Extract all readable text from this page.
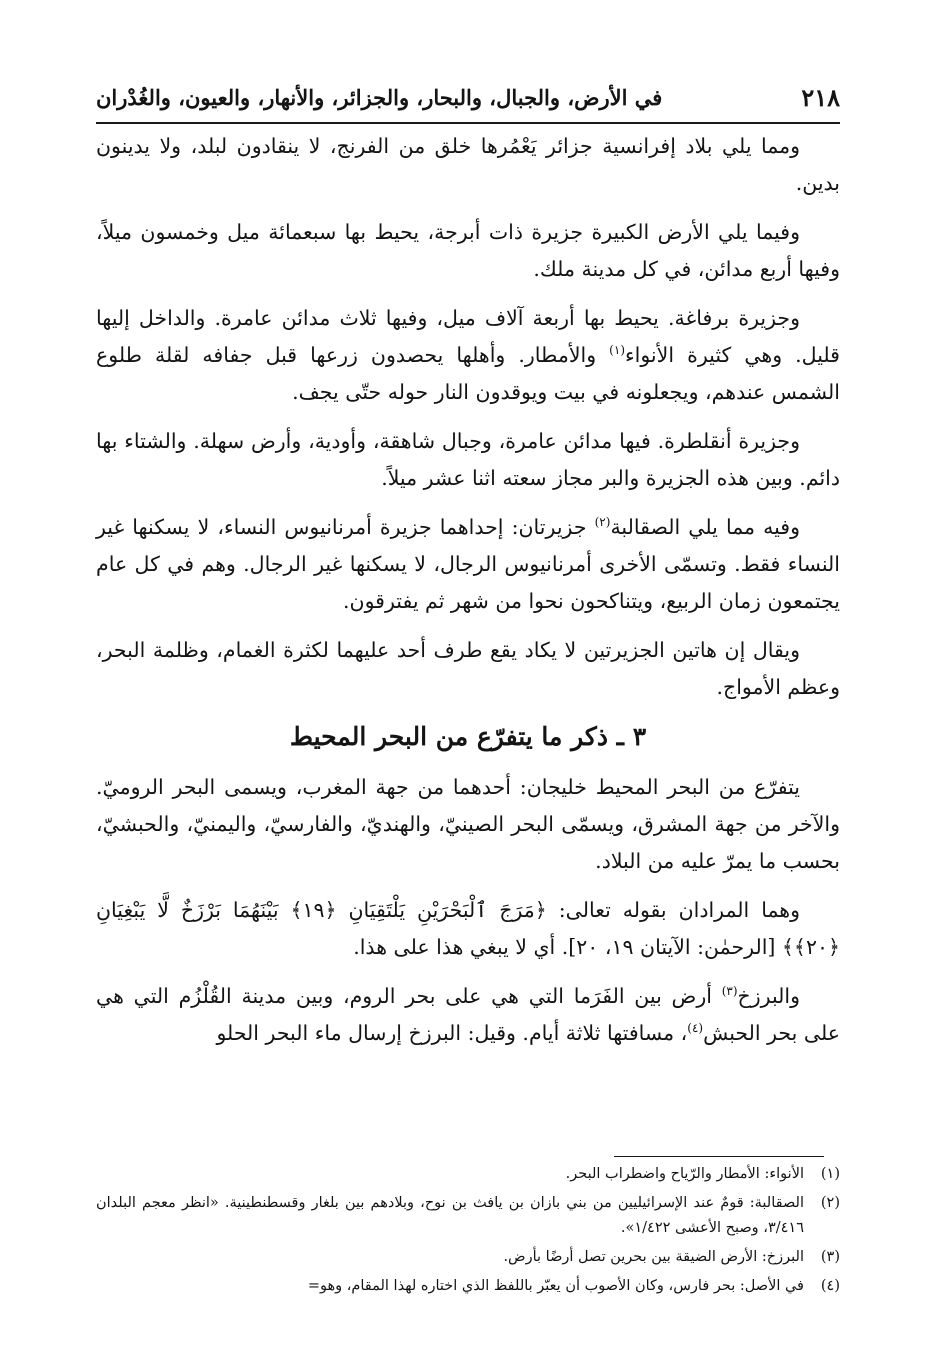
٢١٨
في الأرض، والجبال، والبحار، والجزائر، والأنهار، والعيون، والغُدْران

ومما يلي بلاد إفرانسية جزائر يَعْمُرها خلق من الفرنج، لا ينقادون لبلد، ولا يدينون بدين.

وفيما يلي الأرض الكبيرة جزيرة ذات أبرجة، يحيط بها سبعمائة ميل وخمسون ميلاً، وفيها أربع مدائن، في كل مدينة ملك.

وجزيرة برفاغة. يحيط بها أربعة آلاف ميل، وفيها ثلاث مدائن عامرة. والداخل إليها قليل. وهي كثيرة الأنواء$^{(١)}$ والأمطار. وأهلها يحصدون زرعها قبل جفافه لقلة طلوع الشمس عندهم، ويجعلونه في بيت ويوقدون النار حوله حتّى يجف.

وجزيرة أنقلطرة. فيها مدائن عامرة، وجبال شاهقة، وأودية، وأرض سهلة. والشتاء بها دائم. وبين هذه الجزيرة والبر مجاز سعته اثنا عشر ميلاً.

وفيه مما يلي الصقالبة$^{(٢)}$ جزيرتان: إحداهما جزيرة أمرنانيوس النساء، لا يسكنها غير النساء فقط. وتسمّى الأخرى أمرنانيوس الرجال، لا يسكنها غير الرجال. وهم في كل عام يجتمعون زمان الربيع، ويتناكحون نحوا من شهر ثم يفترقون.

ويقال إن هاتين الجزيرتين لا يكاد يقع طرف أحد عليهما لكثرة الغمام، وظلمة البحر، وعظم الأمواج.

٣ ـ ذكر ما يتفرّع من البحر المحيط

يتفرّع من البحر المحيط خليجان: أحدهما من جهة المغرب، ويسمى البحر الروميّ. والآخر من جهة المشرق، ويسمّى البحر الصينيّ، والهنديّ، والفارسيّ، واليمنيّ، والحبشيّ، بحسب ما يمرّ عليه من البلاد.

وهما المرادان بقوله تعالى: ﴿مَرَجَ ٱلْبَحْرَيْنِ يَلْتَقِيَانِ ﴿١٩﴾ بَيْنَهُمَا بَرْزَخٌ لَّا يَبْغِيَانِ ﴿٢٠﴾﴾ [الرحمٰن: الآيتان ١٩، ٢٠]. أي لا يبغي هذا على هذا.

والبرزخ$^{(٣)}$ أرض بين الفَرَما التي هي على بحر الروم، وبين مدينة القُلْزُم التي هي على بحر الحبش$^{(٤)}$، مسافتها ثلاثة أيام. وقيل: البرزخ إرسال ماء البحر الحلو

(١)
الأنواء: الأمطار والرّياح واضطراب البحر.
(٢)
الصقالبة: قومٌ عند الإسرائيليين من بني بازان بن يافث بن نوح، وبلادهم بين بلغار وقسطنطينية. «انظر معجم البلدان ٣/٤١٦، وصبح الأعشى ١/٤٢٢».
(٣)
البرزخ: الأرض الضيقة بين بحرين تصل أرضًا بأرض.
(٤)
في الأصل: بحر فارس، وكان الأصوب أن يعبّر باللفظ الذي اختاره لهذا المقام، وهو=
